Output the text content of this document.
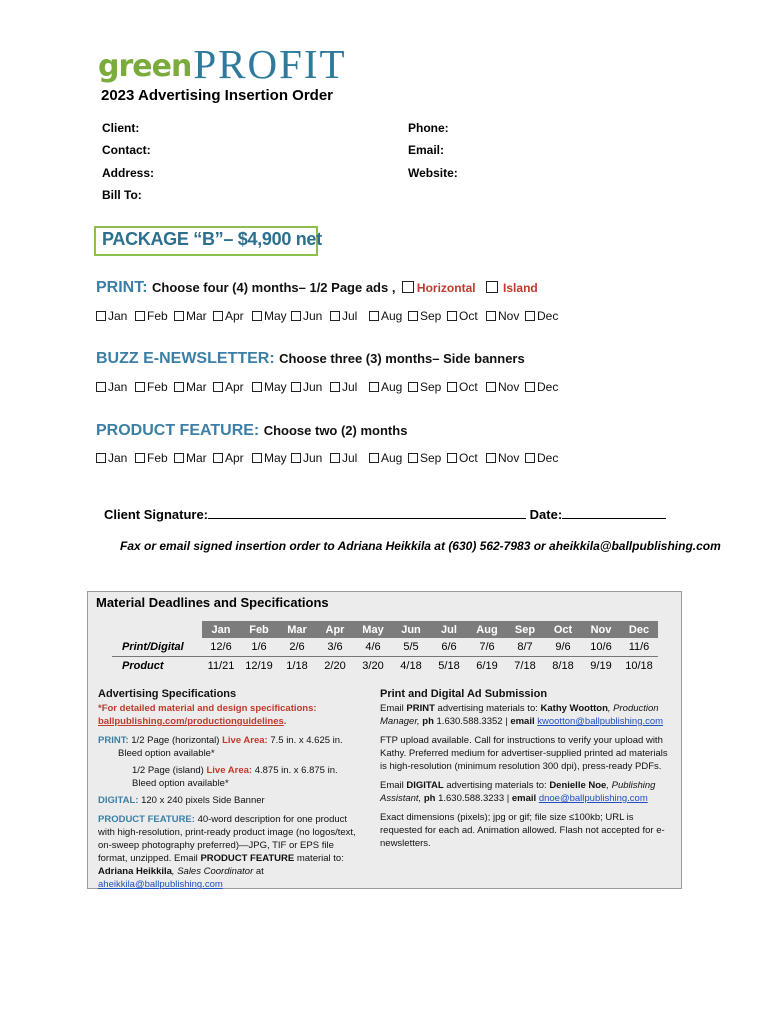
green PROFIT
2023 Advertising Insertion Order
Client:	Phone:
Contact:	Email:
Address:	Website:
Bill To:
PACKAGE “B”– $4,900 net
PRINT: Choose four (4) months– 1/2 Page ads , Horizontal Island
Jan	Feb Mar Apr	May Jun	Jul	Aug Sep Oct	Nov Dec
BUZZ E-NEWSLETTER: Choose three (3) months– Side banners
Jan	Feb Mar Apr	May Jun	Jul	Aug Sep Oct	Nov Dec
PRODUCT FEATURE: Choose two (2) months
Jan	Feb Mar Apr	May Jun	Jul	Aug Sep Oct	Nov Dec
Client Signature:	Date:
Fax or email signed insertion order to Adriana Heikkila at (630) 562-7983 or aheikkila@ballpublishing.com
Material Deadlines and Specifications
	Jan	Feb	Mar	Apr	May	Jun	Jul	Aug	Sep	Oct	Nov	Dec
Print/Digital	12/6	1/6	2/6	3/6	4/6	5/5	6/6	7/6	8/7	9/6	10/6	11/6
Product	11/21	12/19	1/18	2/20	3/20	4/18	5/18	6/19	7/18	8/18	9/19	10/18
Advertising Specifications

*For detailed material and design specifications:
ballpublishing.com/productionguidelines.

PRINT: 1/2 Page (horizontal) Live Area: 7.5 in. x 4.625 in.
Bleed option available*

1/2 Page (island) Live Area: 4.875 in. x 6.875 in.
Bleed option available*

DIGITAL: 120 x 240 pixels Side Banner

PRODUCT FEATURE: 40-word description for one product with high-resolution, print-ready product image (no logos/text, on-sweep photography preferred)—JPG, TIF or EPS file format, unzipped. Email PRODUCT FEATURE material to: Adriana Heikkila, Sales Coordinator at aheikkila@ballpublishing.com

Print and Digital Ad Submission

Email PRINT advertising materials to: Kathy Wootton, Production Manager, ph 1.630.588.3352 | email kwootton@ballpublishing.com

FTP upload available. Call for instructions to verify your upload with Kathy. Preferred medium for advertiser-supplied printed ad materials is high-resolution (minimum resolution 300 dpi), press-ready PDFs.

Email DIGITAL advertising materials to: Denielle Noe, Publishing Assistant, ph 1.630.588.3233 | email dnoe@ballpublishing.com

Exact dimensions (pixels); jpg or gif; file size ≤100kb; URL is requested for each ad. Animation allowed. Flash not accepted for e-newsletters.
